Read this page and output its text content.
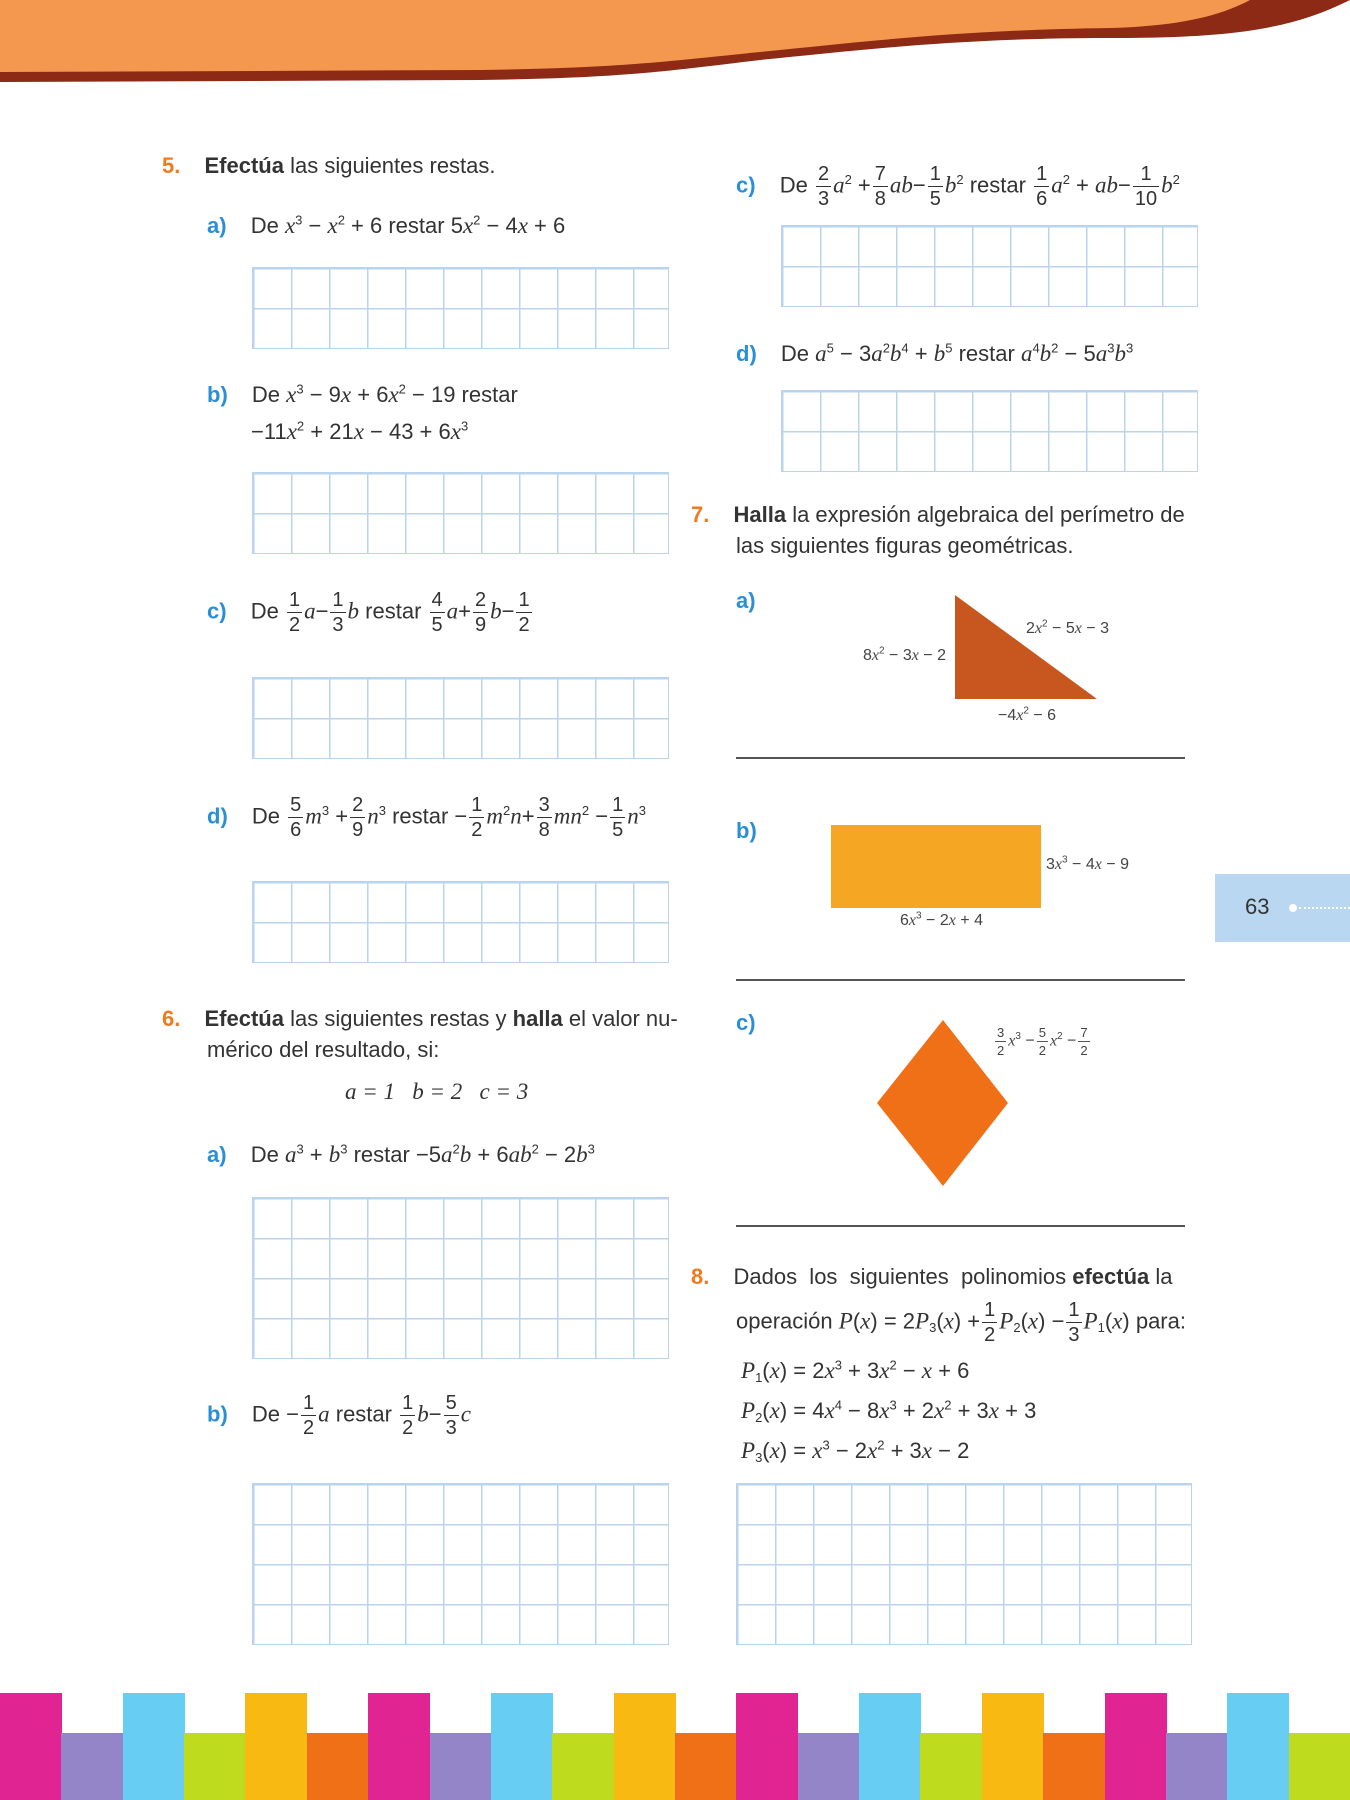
5. Efectúa las siguientes restas.
a) De $x^3 - x^2 + 6$ restar $5x^2 - 4x + 6$
b) De $x^3 - 9x + 6x^2 - 19$ restar
$-11x^2 + 21x - 43 + 6x^3$
c) De $\frac{1}{2} a- \frac{1}{3}$ b restar $\frac{4}{5} a+ \frac{2}{9} b- \frac{1}{2}$
d) De $\frac{5}{6} m^3 + \frac{2}{9} n^3$ restar − $\frac{1}{2} m^2n+ \frac{3}{8} mn^2 - \frac{1}{5} n^3$
6. Efectúa las siguientes restas y halla el valor nu-
mérico del resultado, si:
a = 1   b = 2   c = 3
a) De $a^3 + b^3$ restar $-5a^2b + 6ab^2 - 2b^3$
b) $De - \frac{1}{2}$ a restar $\frac{1}{2} b- \frac{5}{3}$ c
c) De $\frac{2}{3} a^2 + \frac{7}{8} ab- \frac{1}{5} b^2$ restar $\frac{1}{6} a^2 + ab- \frac{1}{10} b^2$
d) De $a^5 - 3a^2b^4 + b^5$ restar $a^4b^2 - 5a^3b^3$
7. Halla la expresión algebraica del perímetro de
las siguientes figuras geométricas.
a)
$8x^2 - 3x - 2$
$2x^2 - 5x - 3$
$-4x^2 - 6$
b)
$3x^3 - 4x - 9$
$6x^3 - 2x + 4$
c)
$\frac{3}{2} x^3 - \frac{5}{2} x^2 - \frac{7}{2}$
8. Dados  los  siguientes  polinomios efectúa la
operación $P(x) = 2P_3(x) + \frac{1}{2} P_2(x) - \frac{1}{3} P_1(x)$ para:
$P_1(x) = 2x^3 + 3x^2 - x + 6$
$P_2(x) = 4x^4 - 8x^3 + 2x^2 + 3x + 3$
$P_3(x) = x^3 - 2x^2 + 3x - 2$
63
